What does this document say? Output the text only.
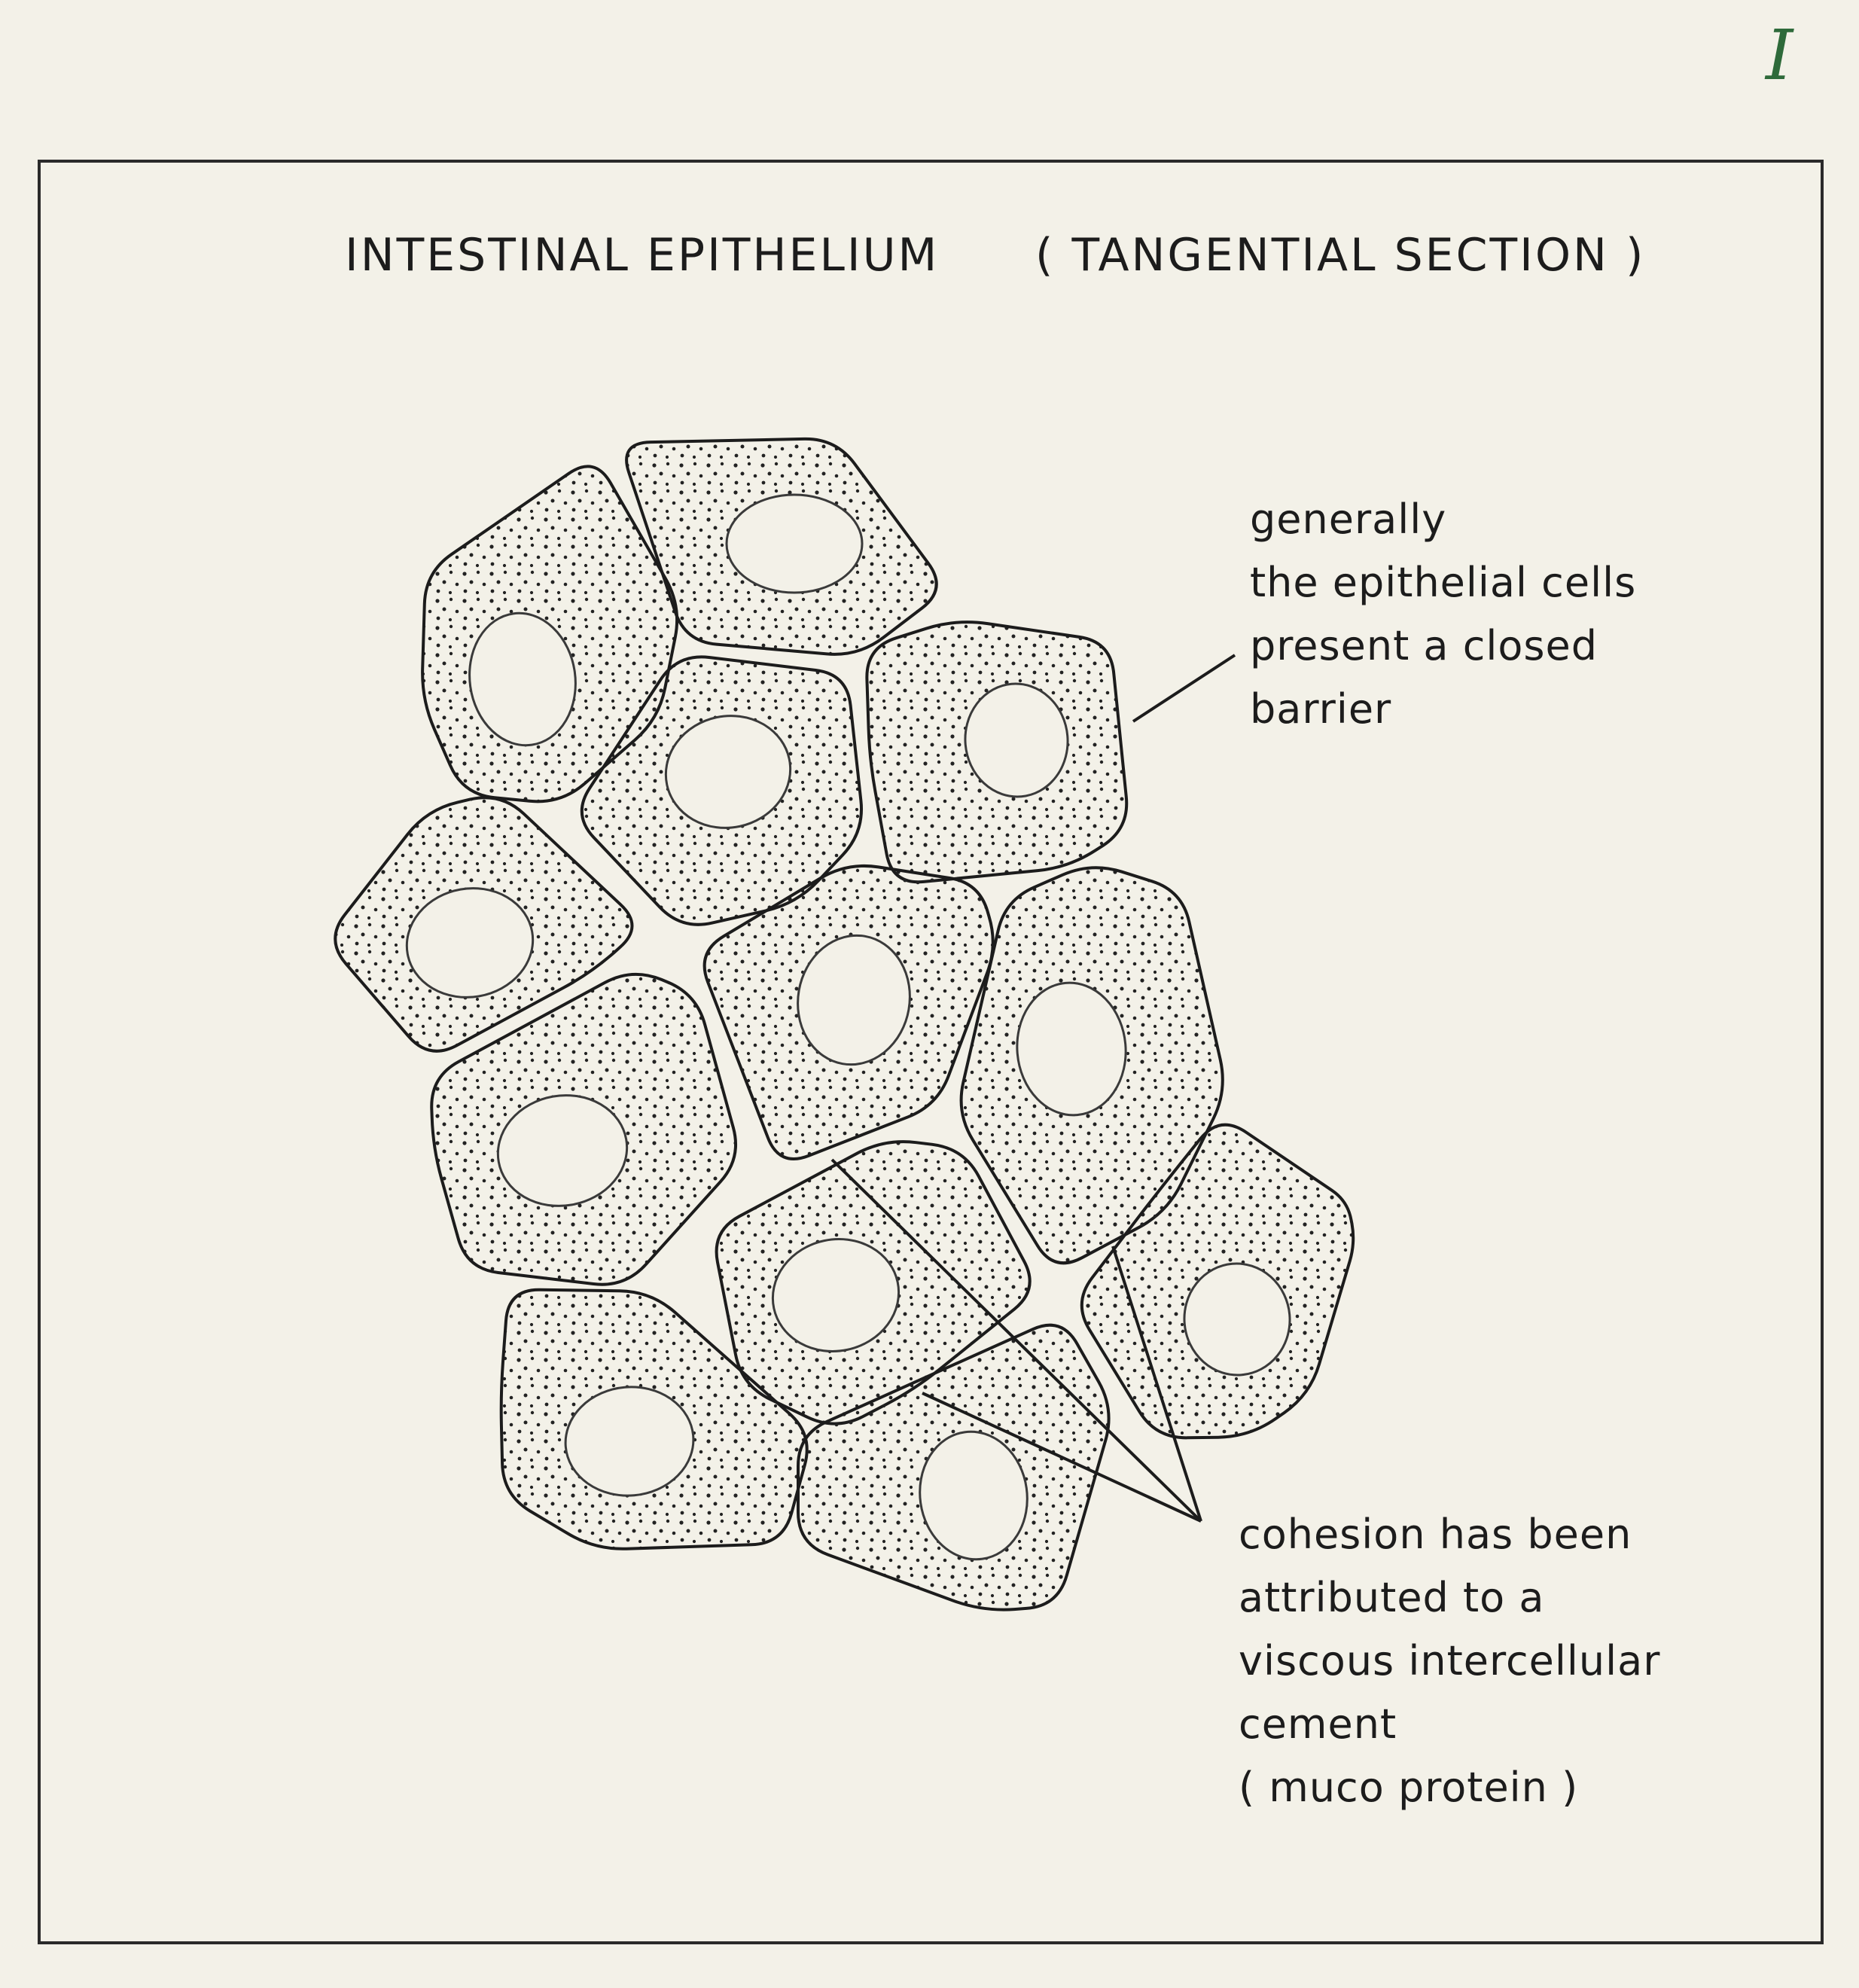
I
INTESTINAL EPITHELIUM ( TANGENTIAL SECTION )
generally
the epithelial cells
present a closed
barrier
cohesion has been
attributed to a
viscous intercellular
cement
( muco protein )
